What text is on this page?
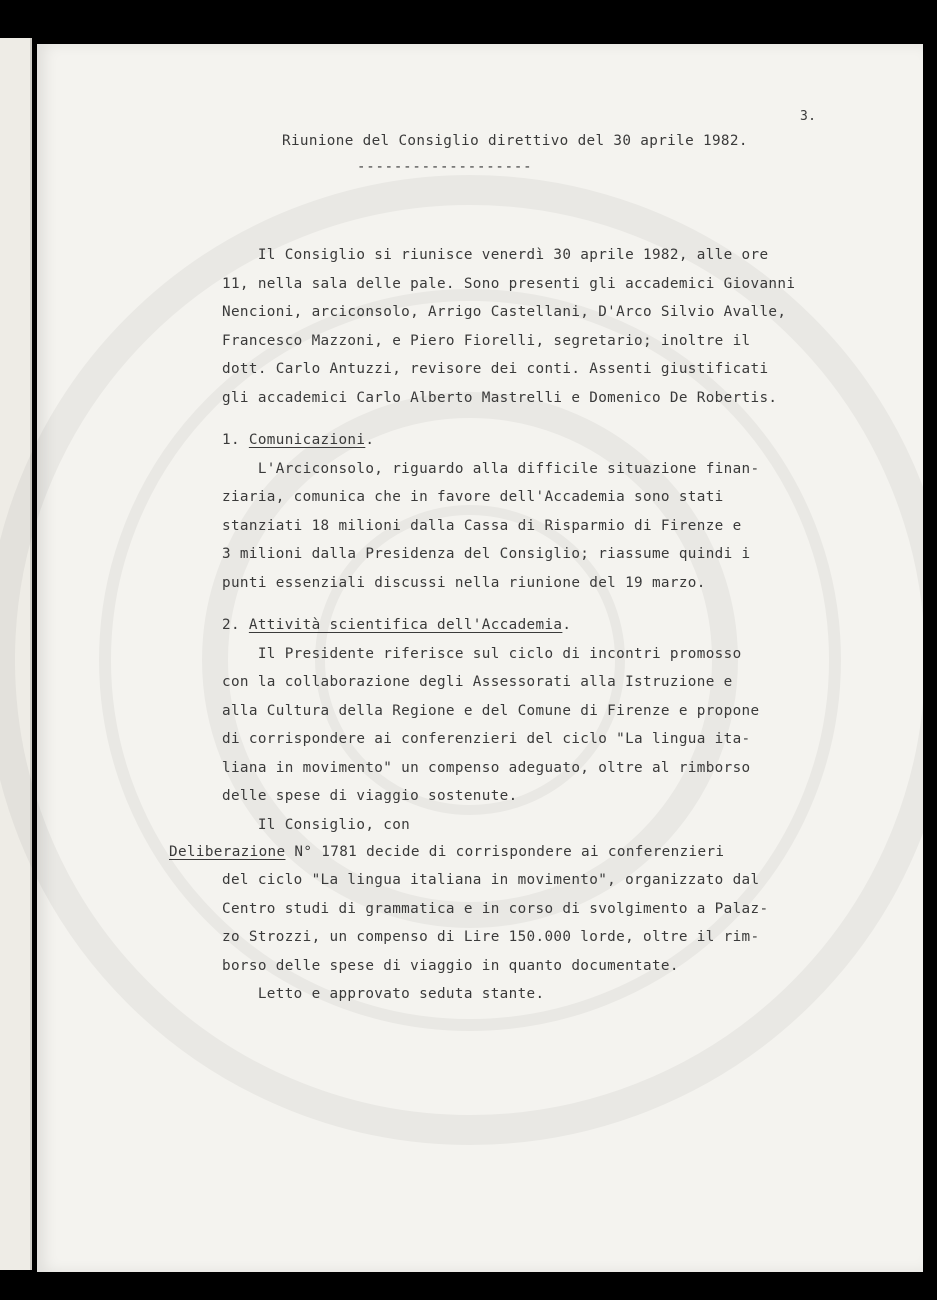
3.
Riunione del Consiglio direttivo del 30 aprile 1982.
-------------------
Il Consiglio si riunisce venerdì 30 aprile 1982, alle ore
11, nella sala delle pale. Sono presenti gli accademici Giovanni
Nencioni, arciconsolo, Arrigo Castellani, D'Arco Silvio Avalle,
Francesco Mazzoni, e Piero Fiorelli, segretario; inoltre il
dott. Carlo Antuzzi, revisore dei conti. Assenti giustificati
gli accademici Carlo Alberto Mastrelli e Domenico De Robertis.
1. Comunicazioni.
L'Arciconsolo, riguardo alla difficile situazione finan-
ziaria, comunica che in favore dell'Accademia sono stati
stanziati 18 milioni dalla Cassa di Risparmio di Firenze e
3 milioni dalla Presidenza del Consiglio; riassume quindi i
punti essenziali discussi nella riunione del 19 marzo.
2. Attività scientifica dell'Accademia.
Il Presidente riferisce sul ciclo di incontri promosso
con la collaborazione degli Assessorati alla Istruzione e
alla Cultura della Regione e del Comune di Firenze e propone
di corrispondere ai conferenzieri del ciclo "La lingua ita-
liana in movimento" un compenso adeguato, oltre al rimborso
delle spese di viaggio sostenute.
Il Consiglio, con
Deliberazione N° 1781 decide di corrispondere ai conferenzieri
del ciclo "La lingua italiana in movimento", organizzato dal
Centro studi di grammatica e in corso di svolgimento a Palaz-
zo Strozzi, un compenso di Lire 150.000 lorde, oltre il rim-
borso delle spese di viaggio in quanto documentate.
Letto e approvato seduta stante.
